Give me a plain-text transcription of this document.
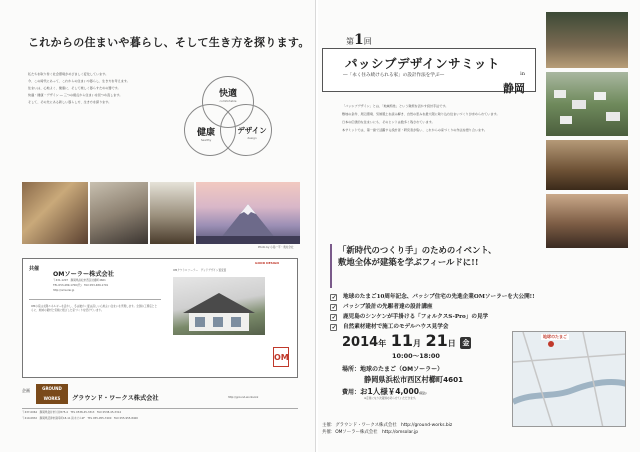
これからの住まいや暮らし、そして生き方を探ります。

私たちを取り巻く社会環境がめざましく変化しています。

今、この時代にあって、これからの住まいや暮らし、生き方を考えます。

住まいは、心地よく、健康に、そして楽しく暮らすための器です。

快適・健康・デザイン ― 三つの視点から住まいを見つめ直します。

そして、その先にある新しい暮らし方、生き方を探ります。

快適
comfortable
健康
healthy
デザイン
design
Photo by 小島一平・奥村会社
共催
OMソーラー株式会社
〒431-1207　静岡県浜松市西区村櫛町4601
TEL:053-489-1700(代)　FAX:053-489-1701
http://omsolar.jp
OMの家は太陽エネルギーを活かし、冬は暖かく夏は涼しい心地よい住まいを実現します。全国の工務店とともに、地域の素材と気候に根ざした家づくりを続けています。
OMクワトロソーラー　グッドデザイン賞受賞
GOOD DESIGN
OM
企画	GROUND WORKS	グラウンド・ワークス株式会社	http://ground-works.biz
〒437-0064　静岡県袋井市川井875-4　TEL 0538-45-3313　FAX 0538-45-3314
〒410-0832　静岡県沼津市御幸町18-11 鈴木ビル2F　TEL 055-955-7400　FAX 055-955-8400
第1回
パッシブデザインサミット
―「永く住み続けられる家」の設計作法を学ぶ―	in
静岡

「パッシブデザイン」とは、「地域特性」という資源を活かす設計手法です。

敷地の条件、周辺環境、気候風土を読み解き、自然の恵みを最大限に取り込む住まいづくりが求められています。

日本の伝統的な住まいにも、そのヒントは数多く残されています。

本サミットでは、第一線で活躍する設計者・研究者が集い、これからの家づくりの作法を語り合います。

「新時代のつくり手」のためのイベント、
敷地全体が建築を学ぶフィールドに!!
✓
地球のたまご10周年記念、パッシブ住宅の先進企業OMソーラーを大公開!!
✓
パッシブ設計の先駆者達の設計講座
✓
鹿児島のシンケンが手掛ける「フォルクスS-Pro」の見学
✓
自然素材建材で施工のモデルハウス見学会
2014年 11月 21日 金
10:00～18:00
場所：地球のたまご（OMソーラー）
静岡県浜松市西区村櫛町4601
費用：お1人様￥4,000(税込)
※定員になり次第締め切らせていただきます。
地球のたまご
主催：グラウンド・ワークス株式会社　 http://ground-works.biz
共催：OMソーラー株式会社　 http://omsolar.jp
